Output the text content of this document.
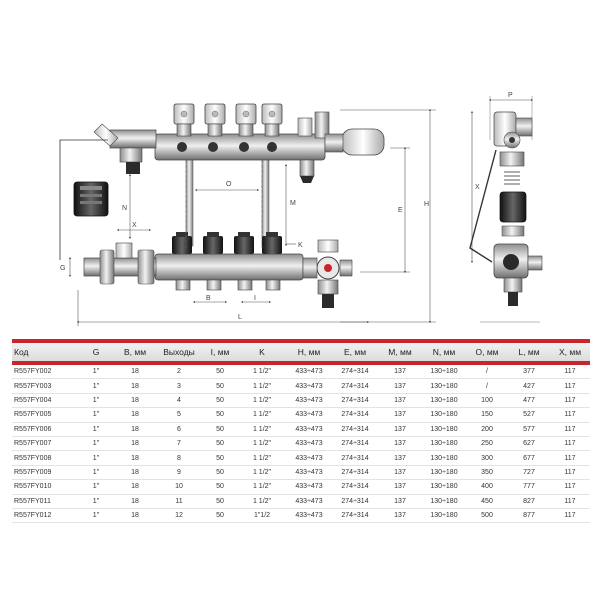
O
N
X
M
K
E
H
L
I
B
G
P
X
Код	G	B, мм	Выходы	I, мм	K	H, мм	E, мм	M, мм	N, мм	O, мм	L, мм	X, мм
R557FY002	1"	18	2	50	1 1/2"	433÷473	274÷314	137	130÷180	/	377	117
R557FY003	1"	18	3	50	1 1/2"	433÷473	274÷314	137	130÷180	/	427	117
R557FY004	1"	18	4	50	1 1/2"	433÷473	274÷314	137	130÷180	100	477	117
R557FY005	1"	18	5	50	1 1/2"	433÷473	274÷314	137	130÷180	150	527	117
R557FY006	1"	18	6	50	1 1/2"	433÷473	274÷314	137	130÷180	200	577	117
R557FY007	1"	18	7	50	1 1/2"	433÷473	274÷314	137	130÷180	250	627	117
R557FY008	1"	18	8	50	1 1/2"	433÷473	274÷314	137	130÷180	300	677	117
R557FY009	1"	18	9	50	1 1/2"	433÷473	274÷314	137	130÷180	350	727	117
R557FY010	1"	18	10	50	1 1/2"	433÷473	274÷314	137	130÷180	400	777	117
R557FY011	1"	18	11	50	1 1/2"	433÷473	274÷314	137	130÷180	450	827	117
R557FY012	1"	18	12	50	1"1/2	433÷473	274÷314	137	130÷180	500	877	117
